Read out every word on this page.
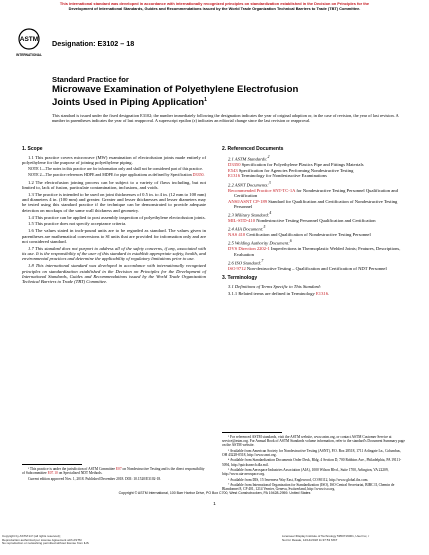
This international standard was developed in accordance with internationally recognized principles on standardization established in the Decision on Principles for the
Development of International Standards, Guides and Recommendations issued by the World Trade Organization Technical Barriers to Trade (TBT) Committee.
ASTM
INTERNATIONAL
Designation: E3102 – 18
Standard Practice for
Microwave Examination of Polyethylene Electrofusion
Joints Used in Piping Application$^1$
This standard is issued under the fixed designation E3102; the number immediately following the designation indicates the year of original adoption or, in the case of revision, the year of last revision. A number in parentheses indicates the year of last reapproval. A superscript epsilon (ε) indicates an editorial change since the last revision or reapproval.
1. Scope

1.1 This practice covers microwave (MW) examination of electrofusion joints made entirely of polyethylene for the purpose of joining polyethylene piping.

NOTE 1—The notes in this practice are for information only and shall not be considered part of this practice.
NOTE 2—The practice references HDPE and MDPE for pipe applications as defined by Specification D3350.

1.2 The electrofusion joining process can be subject to a variety of flaws including, but not limited to, lack of fusion, particulate contamination, inclusions, and voids.

1.3 The practice is intended to be used on joint thicknesses of 0.5 in. to 4 in. (12 mm to 100 mm) and diameters 4 in. (100 mm) and greater. Greater and lesser thicknesses and lesser diameters may be tested using this standard practice if the technique can be demonstrated to provide adequate detection on mockups of the same wall thickness and geometry.

1.4 This practice can be applied to post assembly inspection of polyethylene electrofusion joints.

1.5 This practice does not specify acceptance criteria.

1.6 The values stated in inch-pound units are to be regarded as standard. The values given in parentheses are mathematical conversions to SI units that are provided for information only and are not considered standard.

1.7 This standard does not purport to address all of the safety concerns, if any, associated with its use. It is the responsibility of the user of this standard to establish appropriate safety, health, and environmental practices and determine the applicability of regulatory limitations prior to use.

1.8 This international standard was developed in accordance with internationally recognized principles on standardization established in the Decision on Principles for the Development of International Standards, Guides and Recommendations issued by the World Trade Organization Technical Barriers to Trade (TBT) Committee.

¹ This practice is under the jurisdiction of ASTM Committee E07 on Nondestructive Testing and is the direct responsibility of Subcommittee E07.10 on Specialized NDT Methods.
Current edition approved Nov. 1, 2018. Published December 2018. DOI: 10.1520/E3102-18.
2. Referenced Documents
2.1 ASTM Standards:$^2$
D3350 Specification for Polyethylene Plastics Pipe and Fittings Materials
E543 Specification for Agencies Performing Nondestructive Testing
E1316 Terminology for Nondestructive Examinations
2.2 ASNT Documents:$^3$
Recommended Practice SNT-TC-1A for Nondestructive Testing Personnel Qualification and Certification
ANSI/ASNT CP-189 Standard for Qualification and Certification of Nondestructive Testing Personnel
2.3 Military Standard:$^4$
MIL-STD-410 Nondestructive Testing Personnel Qualification and Certification
2.4 AIA Document:$^5$
NAS 410 Certification and Qualification of Nondestructive Testing Personnel
2.5 Welding Authority Document:$^6$
DVS Direction 2202-1 Imperfections in Thermoplastic Welded Joints; Features, Descriptions, Evaluation
2.6 ISO Standard:$^7$
ISO 9712 Non-destructive Testing – Qualification and Certification of NDT Personnel
3. Terminology

3.1 Definitions of Terms Specific to This Standard:

3.1.1 Related terms are defined in Terminology E1316.

² For referenced ASTM standards, visit the ASTM website, www.astm.org, or contact ASTM Customer Service at service@astm.org. For Annual Book of ASTM Standards volume information, refer to the standard's Document Summary page on the ASTM website.
³ Available from American Society for Nondestructive Testing (ASNT), P.O. Box 28518, 1711 Arlingate Ln., Columbus, OH 43228-0518, http://www.asnt.org.
⁴ Available from Standardization Documents Order Desk, Bldg. 4 Section D, 700 Robbins Ave., Philadelphia, PA 19111-5094, http://quicksearch.dla.mil.
⁵ Available from Aerospace Industries Association (AIA), 1000 Wilson Blvd., Suite 1700, Arlington, VA 22209, http://www.aia-aerospace.org.
⁶ Available from DIS, 15 Inverness Way East, Englewood, CO 80112, http://www.global.ihs.com.
⁷ Available from International Organization for Standardization (ISO), ISO Central Secretariat, BIBC II, Chemin de Blandonnet 8, CP 401, 1214 Vernier, Geneva, Switzerland, http://www.iso.org.
Copyright © ASTM International, 100 Barr Harbor Drive, PO Box C700, West Conshohocken, PA 19428-2959. United States
1
Copyright by ASTM Int'l (all rights reserved);
Reproduction authorized per License Agreement with ASTM
No reproduction or networking permitted without license from IHS
Licensee=Display Institute of Technology 5950716001, User=xx, r
Not for Resale, 12/14/2018 11:37:53 MST
